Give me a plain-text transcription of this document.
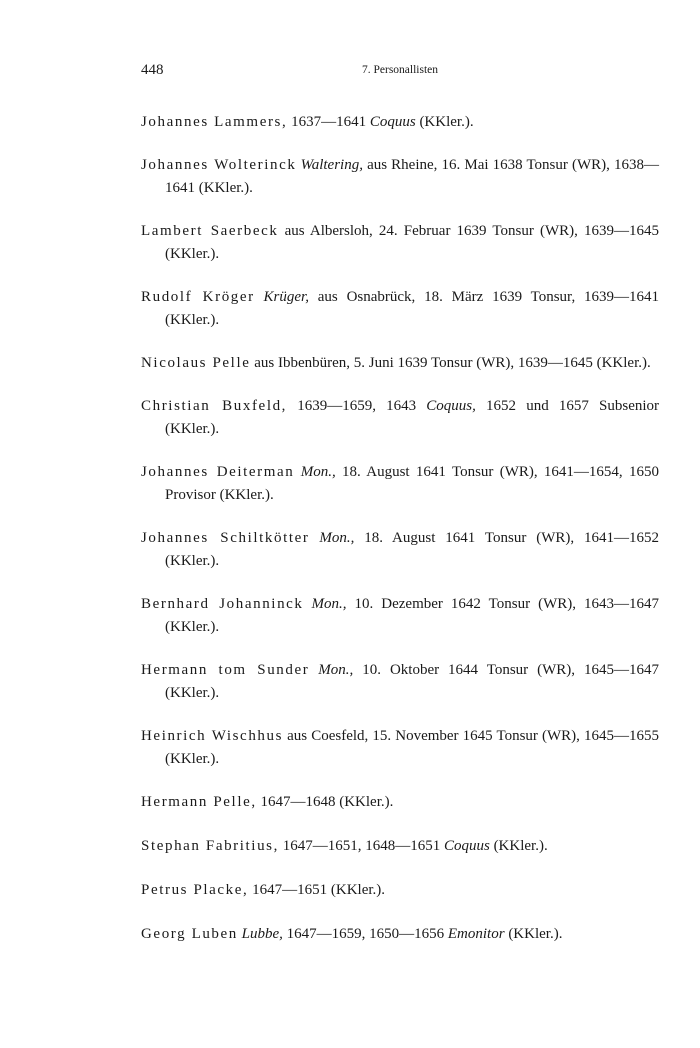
448	7. Personallisten

Johannes Lammers, 1637—1641 Coquus (KKler.).

Johannes Wolterinck Waltering, aus Rheine, 16. Mai 1638 Tonsur (WR), 1638—1641 (KKler.).

Lambert Saerbeck aus Albersloh, 24. Februar 1639 Tonsur (WR), 1639—1645 (KKler.).

Rudolf Kröger Krüger, aus Osnabrück, 18. März 1639 Tonsur, 1639—1641 (KKler.).

Nicolaus Pelle aus Ibbenbüren, 5. Juni 1639 Tonsur (WR), 1639—1645 (KKler.).

Christian Buxfeld, 1639—1659, 1643 Coquus, 1652 und 1657 Subsenior (KKler.).

Johannes Deiterman Mon., 18. August 1641 Tonsur (WR), 1641—1654, 1650 Provisor (KKler.).

Johannes Schiltkötter Mon., 18. August 1641 Tonsur (WR), 1641—1652 (KKler.).

Bernhard Johanninck Mon., 10. Dezember 1642 Tonsur (WR), 1643—1647 (KKler.).

Hermann tom Sunder Mon., 10. Oktober 1644 Tonsur (WR), 1645—1647 (KKler.).

Heinrich Wischhus aus Coesfeld, 15. November 1645 Tonsur (WR), 1645—1655 (KKler.).

Hermann Pelle, 1647—1648 (KKler.).

Stephan Fabritius, 1647—1651, 1648—1651 Coquus (KKler.).

Petrus Placke, 1647—1651 (KKler.).

Georg Luben Lubbe, 1647—1659, 1650—1656 Emonitor (KKler.).
